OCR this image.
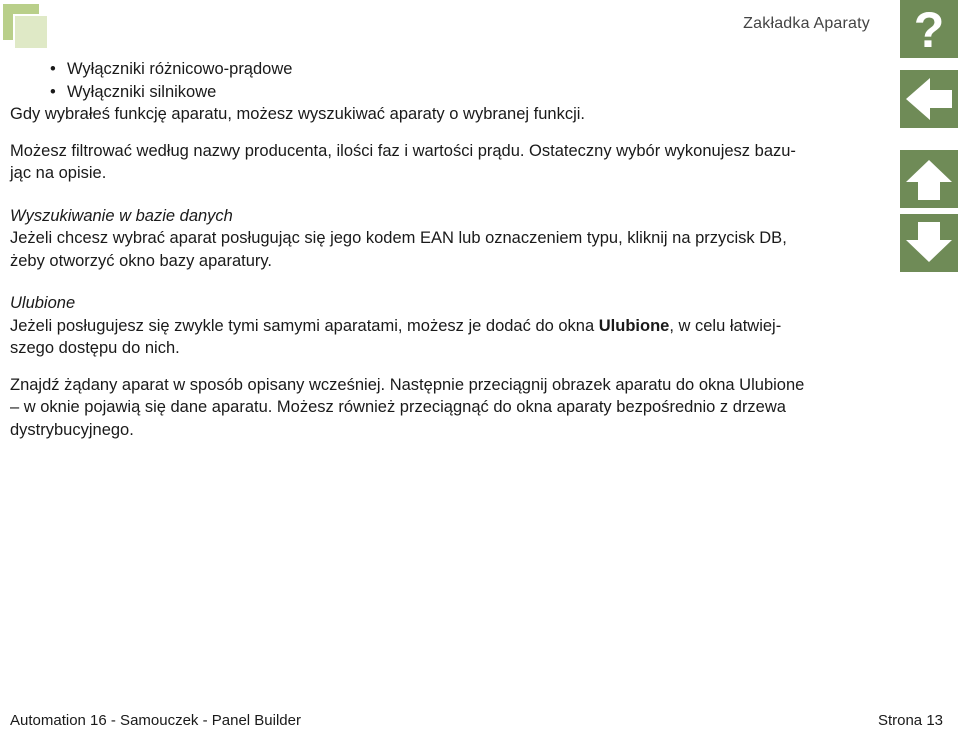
Zakładka Aparaty ?
• Wyłączniki różnicowo-prądowe
• Wyłączniki silnikowe

Gdy wybrałeś funkcję aparatu, możesz wyszukiwać aparaty o wybranej funkcji.

Możesz filtrować według nazwy producenta, ilości faz i wartości prądu. Ostateczny wybór wykonujesz bazu-

jąc na opisie.

Wyszukiwanie w bazie danych

Jeżeli chcesz wybrać aparat posługując się jego kodem EAN lub oznaczeniem typu, kliknij na przycisk DB,

żeby otworzyć okno bazy aparatury.

Ulubione

Jeżeli posługujesz się zwykle tymi samymi aparatami, możesz je dodać do okna Ulubione, w celu łatwiej-

szego dostępu do nich.

Znajdź żądany aparat w sposób opisany wcześniej. Następnie przeciągnij obrazek aparatu do okna Ulubione

– w oknie pojawią się dane aparatu. Możesz również przeciągnąć do okna aparaty bezpośrednio z drzewa

dystrybucyjnego.

Automation 16 - Samouczek - Panel Builder	Strona 13
